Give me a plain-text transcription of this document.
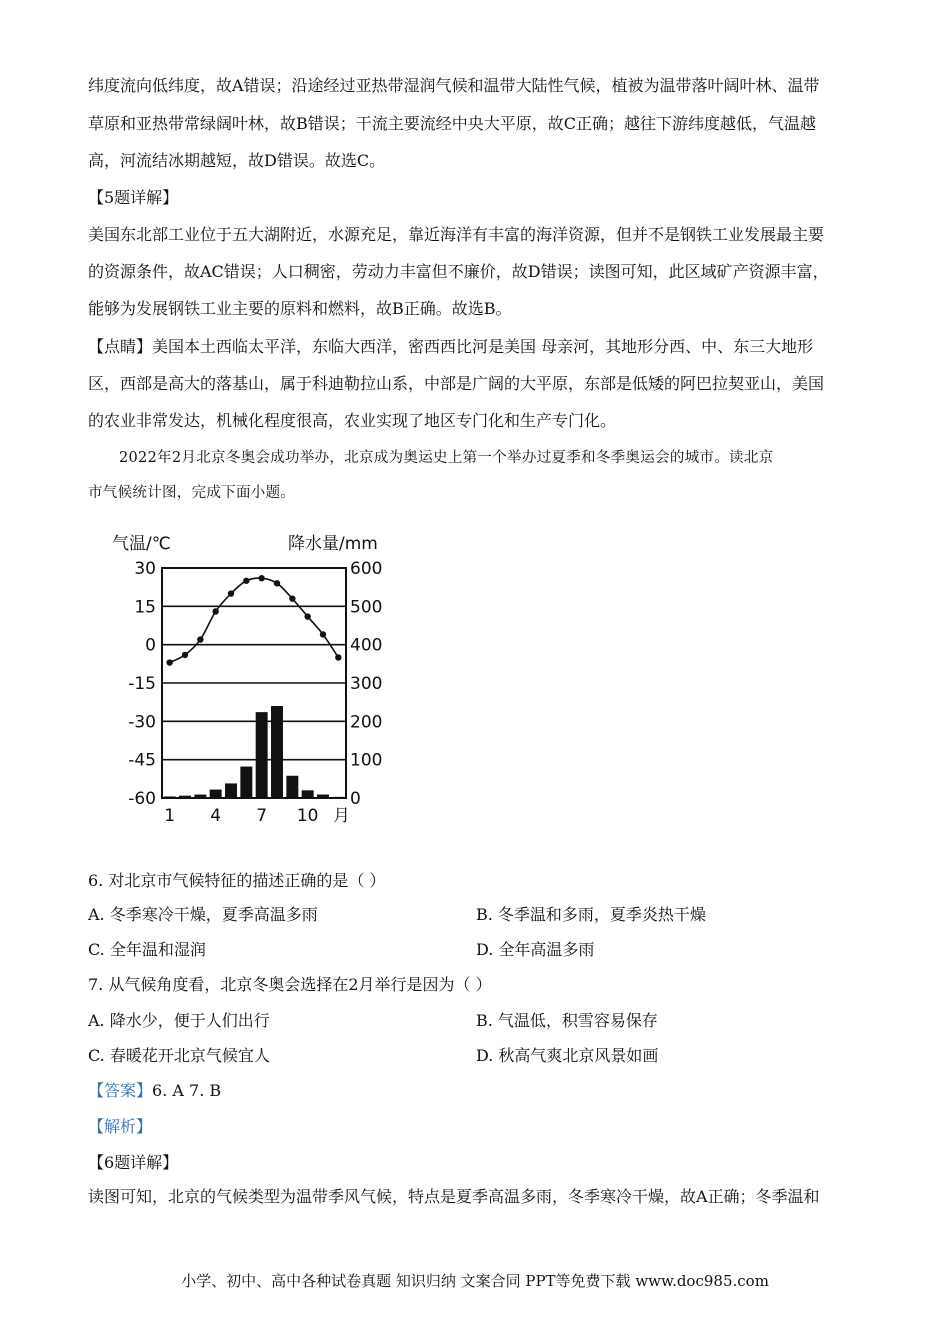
纬度流向低纬度，故A错误；沿途经过亚热带湿润气候和温带大陆性气候，植被为温带落叶阔叶林、温带
草原和亚热带常绿阔叶林，故B错误；干流主要流经中央大平原，故C正确；越往下游纬度越低，气温越
高，河流结冰期越短，故D错误。故选C。
【5题详解】
美国东北部工业位于五大湖附近，水源充足，靠近海洋有丰富的海洋资源，但并不是钢铁工业发展最主要
的资源条件，故AC错误；人口稠密，劳动力丰富但不廉价，故D错误；读图可知，此区域矿产资源丰富，
能够为发展钢铁工业主要的原料和燃料，故B正确。故选B。
【点睛】美国本土西临太平洋，东临大西洋，密西西比河是美国 母亲河，其地形分西、中、东三大地形
区，西部是高大的落基山，属于科迪勒拉山系，中部是广阔的大平原，东部是低矮的阿巴拉契亚山，美国
的农业非常发达，机械化程度很高，农业实现了地区专门化和生产专门化。
2022年2月北京冬奥会成功举办，北京成为奥运史上第一个举办过夏季和冬季奥运会的城市。读北京
市气候统计图，完成下面小题。
气温/℃	降水量/mm
30
15
0
-15
-30
-45
-60
600
500
400
300
200
100
0
1 4 7 10 月
6. 对北京市气候特征的描述正确的是（ ）
A. 冬季寒冷干燥，夏季高温多雨	B. 冬季温和多雨，夏季炎热干燥
C. 全年温和湿润	D. 全年高温多雨
7. 从气候角度看，北京冬奥会选择在2月举行是因为（ ）
A. 降水少，便于人们出行	B. 气温低，积雪容易保存
C. 春暖花开北京气候宜人	D. 秋高气爽北京风景如画
【答案】6. A 7. B
【解析】
【6题详解】
读图可知，北京的气候类型为温带季风气候，特点是夏季高温多雨，冬季寒冷干燥，故A正确；冬季温和
小学、初中、高中各种试卷真题 知识归纳 文案合同 PPT等免费下载 www.doc985.com
